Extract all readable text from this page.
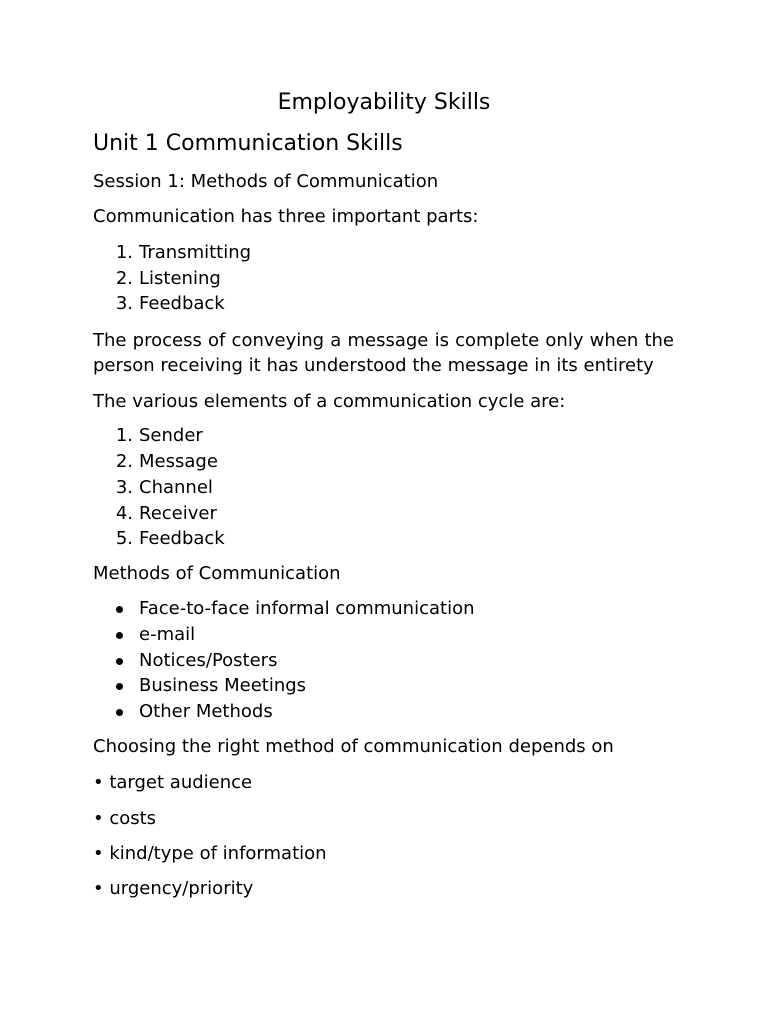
Employability Skills
Unit 1 Communication Skills
Session 1: Methods of Communication
Communication has three important parts:
1. Transmitting
2. Listening
3. Feedback
The process of conveying a message is complete only when the person receiving it has understood the message in its entirety
The various elements of a communication cycle are:
1. Sender
2. Message
3. Channel
4. Receiver
5. Feedback
Methods of Communication
Face-to-face informal communication
e-mail
Notices/Posters
Business Meetings
Other Methods
Choosing the right method of communication depends on
• target audience
• costs
• kind/type of information
• urgency/priority
